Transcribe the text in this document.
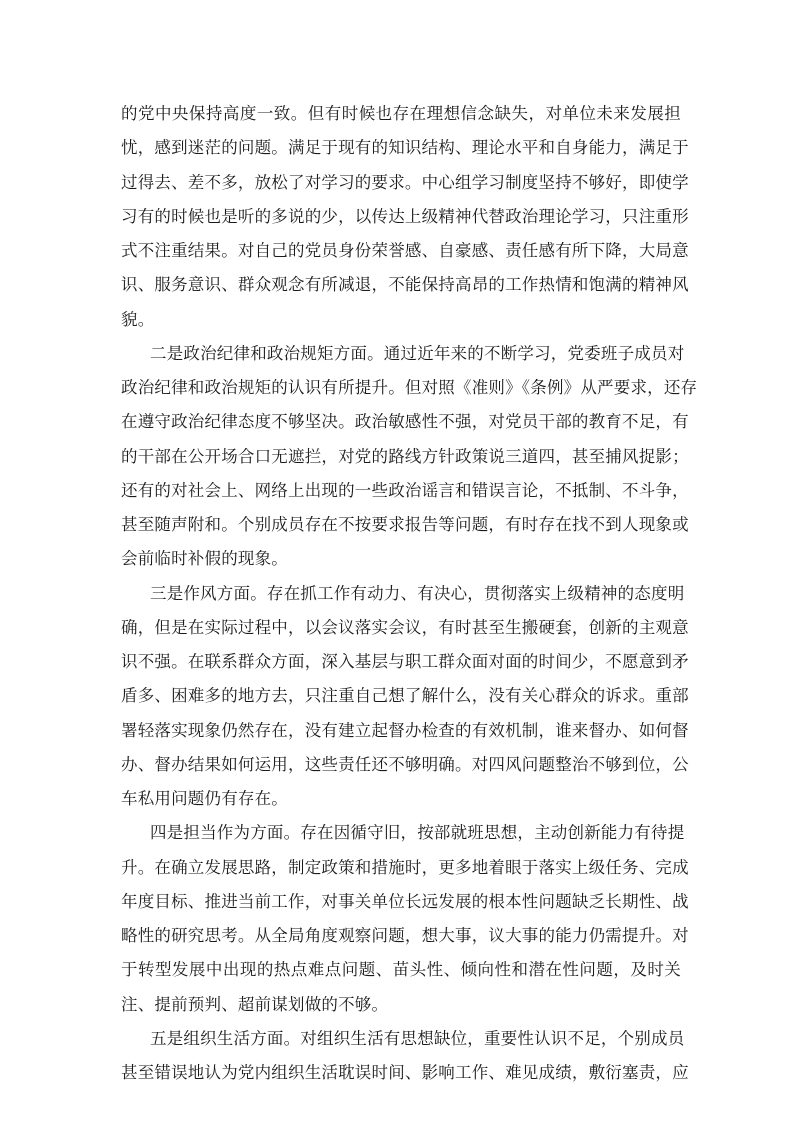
的党中央保持高度一致。但有时候也存在理想信念缺失，对单位未来发展担
忧，感到迷茫的问题。满足于现有的知识结构、理论水平和自身能力，满足于
过得去、差不多，放松了对学习的要求。中心组学习制度坚持不够好，即使学
习有的时候也是听的多说的少，以传达上级精神代替政治理论学习，只注重形
式不注重结果。对自己的党员身份荣誉感、自豪感、责任感有所下降，大局意
识、服务意识、群众观念有所减退，不能保持高昂的工作热情和饱满的精神风
貌。
二是政治纪律和政治规矩方面。通过近年来的不断学习，党委班子成员对
政治纪律和政治规矩的认识有所提升。但对照《准则》《条例》从严要求，还存
在遵守政治纪律态度不够坚决。政治敏感性不强，对党员干部的教育不足，有
的干部在公开场合口无遮拦，对党的路线方针政策说三道四，甚至捕风捉影；
还有的对社会上、网络上出现的一些政治谣言和错误言论，不抵制、不斗争，
甚至随声附和。个别成员存在不按要求报告等问题，有时存在找不到人现象或
会前临时补假的现象。
三是作风方面。存在抓工作有动力、有决心，贯彻落实上级精神的态度明
确，但是在实际过程中，以会议落实会议，有时甚至生搬硬套，创新的主观意
识不强。在联系群众方面，深入基层与职工群众面对面的时间少，不愿意到矛
盾多、困难多的地方去，只注重自己想了解什么，没有关心群众的诉求。重部
署轻落实现象仍然存在，没有建立起督办检查的有效机制，谁来督办、如何督
办、督办结果如何运用，这些责任还不够明确。对四风问题整治不够到位，公
车私用问题仍有存在。
四是担当作为方面。存在因循守旧，按部就班思想，主动创新能力有待提
升。在确立发展思路，制定政策和措施时，更多地着眼于落实上级任务、完成
年度目标、推进当前工作，对事关单位长远发展的根本性问题缺乏长期性、战
略性的研究思考。从全局角度观察问题，想大事，议大事的能力仍需提升。对
于转型发展中出现的热点难点问题、苗头性、倾向性和潜在性问题，及时关
注、提前预判、超前谋划做的不够。
五是组织生活方面。对组织生活有思想缺位，重要性认识不足，个别成员
甚至错误地认为党内组织生活耽误时间、影响工作、难见成绩，敷衍塞责，应
